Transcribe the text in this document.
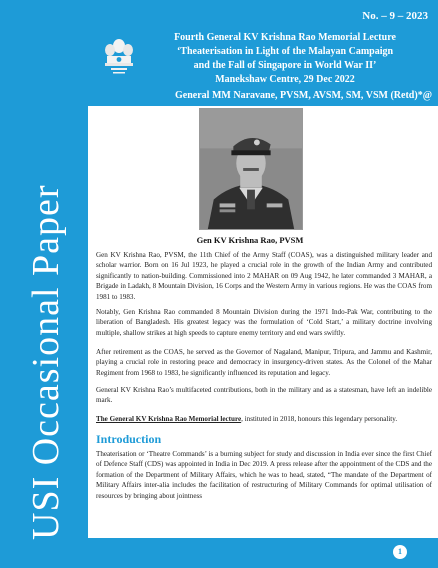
No. – 9 – 2023
Fourth General KV Krishna Rao Memorial Lecture
‘Theaterisation in Light of the Malayan Campaign
and the Fall of Singapore in World War II’
Manekshaw Centre, 29 Dec 2022
General MM Naravane, PVSM, AVSM, SM, VSM (Retd)*@
USI Occasional Paper	Gen KV Krishna Rao, PVSM

Gen KV Krishna Rao, PVSM, the 11th Chief of the Army Staff (COAS), was a distinguished military leader and scholar warrior. Born on 16 Jul 1923, he played a crucial role in the growth of the Indian Army and contributed significantly to nation-building. Commissioned into 2 MAHAR on 09 Aug 1942, he later commanded 3 MAHAR, a Brigade in Ladakh, 8 Mountain Division, 16 Corps and the Western Army in various regions. He was the COAS from 1981 to 1983.

Notably, Gen Krishna Rao commanded 8 Mountain Division during the 1971 Indo-Pak War, contributing to the liberation of Bangladesh. His greatest legacy was the formulation of ‘Cold Start,’ a military doctrine involving multiple, shallow strikes at high speeds to capture enemy territory and end wars swiftly.

After retirement as the COAS, he served as the Governor of Nagaland, Manipur, Tripura, and Jammu and Kashmir, playing a crucial role in restoring peace and democracy in insurgency-driven states. As the Colonel of the Mahar Regiment from 1968 to 1983, he significantly influenced its reputation and legacy.

General KV Krishna Rao’s multifaceted contributions, both in the military and as a statesman, have left an indelible mark.

The General KV Krishna Rao Memorial lecture, instituted in 2018, honours this legendary personality.

Introduction

Theaterisation or ‘Theatre Commands’ is a burning subject for study and discussion in India ever since the first Chief of Defence Staff (CDS) was appointed in India in Dec 2019. A press release after the appointment of the CDS and the formation of the Department of Military Affairs, which he was to head, stated, “The mandate of the Department of Military Affairs inter-alia includes the facilitation of restructuring of Military Commands for optimal utilisation of resources by bringing about jointness

@ This is the edited version of the transcription of the lecture delivered by Gen MM Naravane PVSM, AVSM, SM, VSM (Retd) on the occasion of the Fourth Gen KV Krishna Rao Memorial Lecture.

1
